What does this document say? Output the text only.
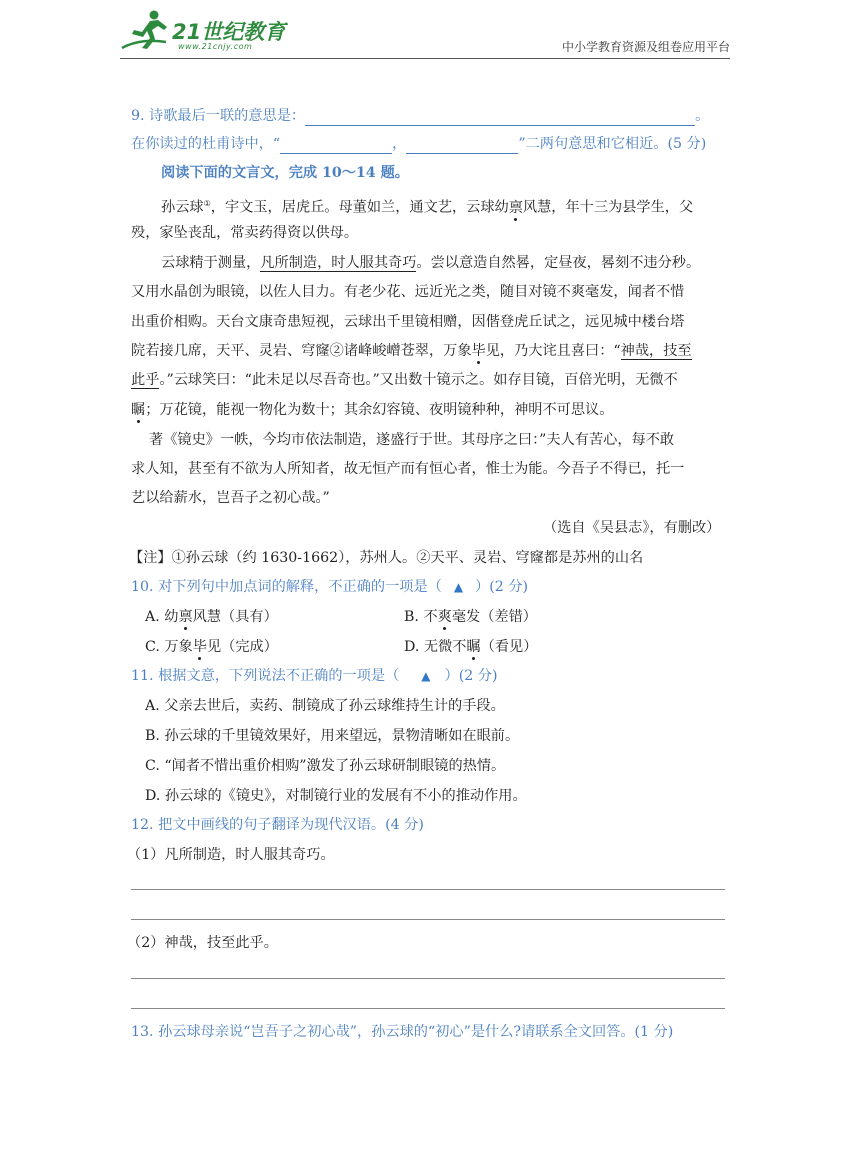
21世纪教育
www.21cnjy.com	中小学教育资源及组卷应用平台
9. 诗歌最后一联的意思是：	。
在你读过的杜甫诗中，“	，	”二两句意思和它相近。(5 分)
阅读下面的文言文，完成 10～14 题。
孙云球①，宇文玉，居虎丘。母董如兰，通文艺，云球幼禀风慧，年十三为县学生，父
殁，家坠丧乱，常卖药得资以供母。
云球精于测量，凡所制造，时人服其奇巧。尝以意造自然晷，定昼夜，晷刻不违分秒。
又用水晶创为眼镜，以佐人目力。有老少花、远近光之类，随目对镜不爽毫发，闻者不惜
出重价相购。天台文康奇患短视，云球出千里镜相赠，因偕登虎丘试之，远见城中楼台塔
院若接几席，天平、灵岩、穹窿②诸峰峻嶒苍翠，万象毕见，乃大诧且喜曰：“神哉，技至
此乎。”云球笑曰：“此未足以尽吾奇也。”又出数十镜示之。如存目镜，百倍光明，无微不
瞩；万花镜，能视一物化为数十；其余幻容镜、夜明镜种种，神明不可思议。
著《镜史》一帙，今均市依法制造，遂盛行于世。其母序之曰：”夫人有苦心，每不敢
求人知，甚至有不欲为人所知者，故无恒产而有恒心者，惟士为能。今吾子不得已，托一
艺以给薪水，岂吾子之初心哉。”
（选自《吴县志》，有删改）
【注】①孙云球（约 1630-1662），苏州人。②天平、灵岩、穹窿都是苏州的山名
10. 对下列句中加点词的解释，不正确的一项是（ ▲ ）(2 分)
A. 幼禀风慧（具有）	B. 不爽毫发（差错）
C. 万象毕见（完成）	D. 无微不瞩（看见）
11. 根据文意，下列说法不正确的一项是（ ▲ ）(2 分)
A. 父亲去世后，卖药、制镜成了孙云球维持生计的手段。
B. 孙云球的千里镜效果好，用来望远，景物清晰如在眼前。
C. “闻者不惜出重价相购”激发了孙云球研制眼镜的热情。
D. 孙云球的《镜史》，对制镜行业的发展有不小的推动作用。
12. 把文中画线的句子翻译为现代汉语。(4 分)
（1）凡所制造，时人服其奇巧。
（2）神哉，技至此乎。
13. 孙云球母亲说“岂吾子之初心哉”，孙云球的“初心”是什么?请联系全文回答。(1 分)
